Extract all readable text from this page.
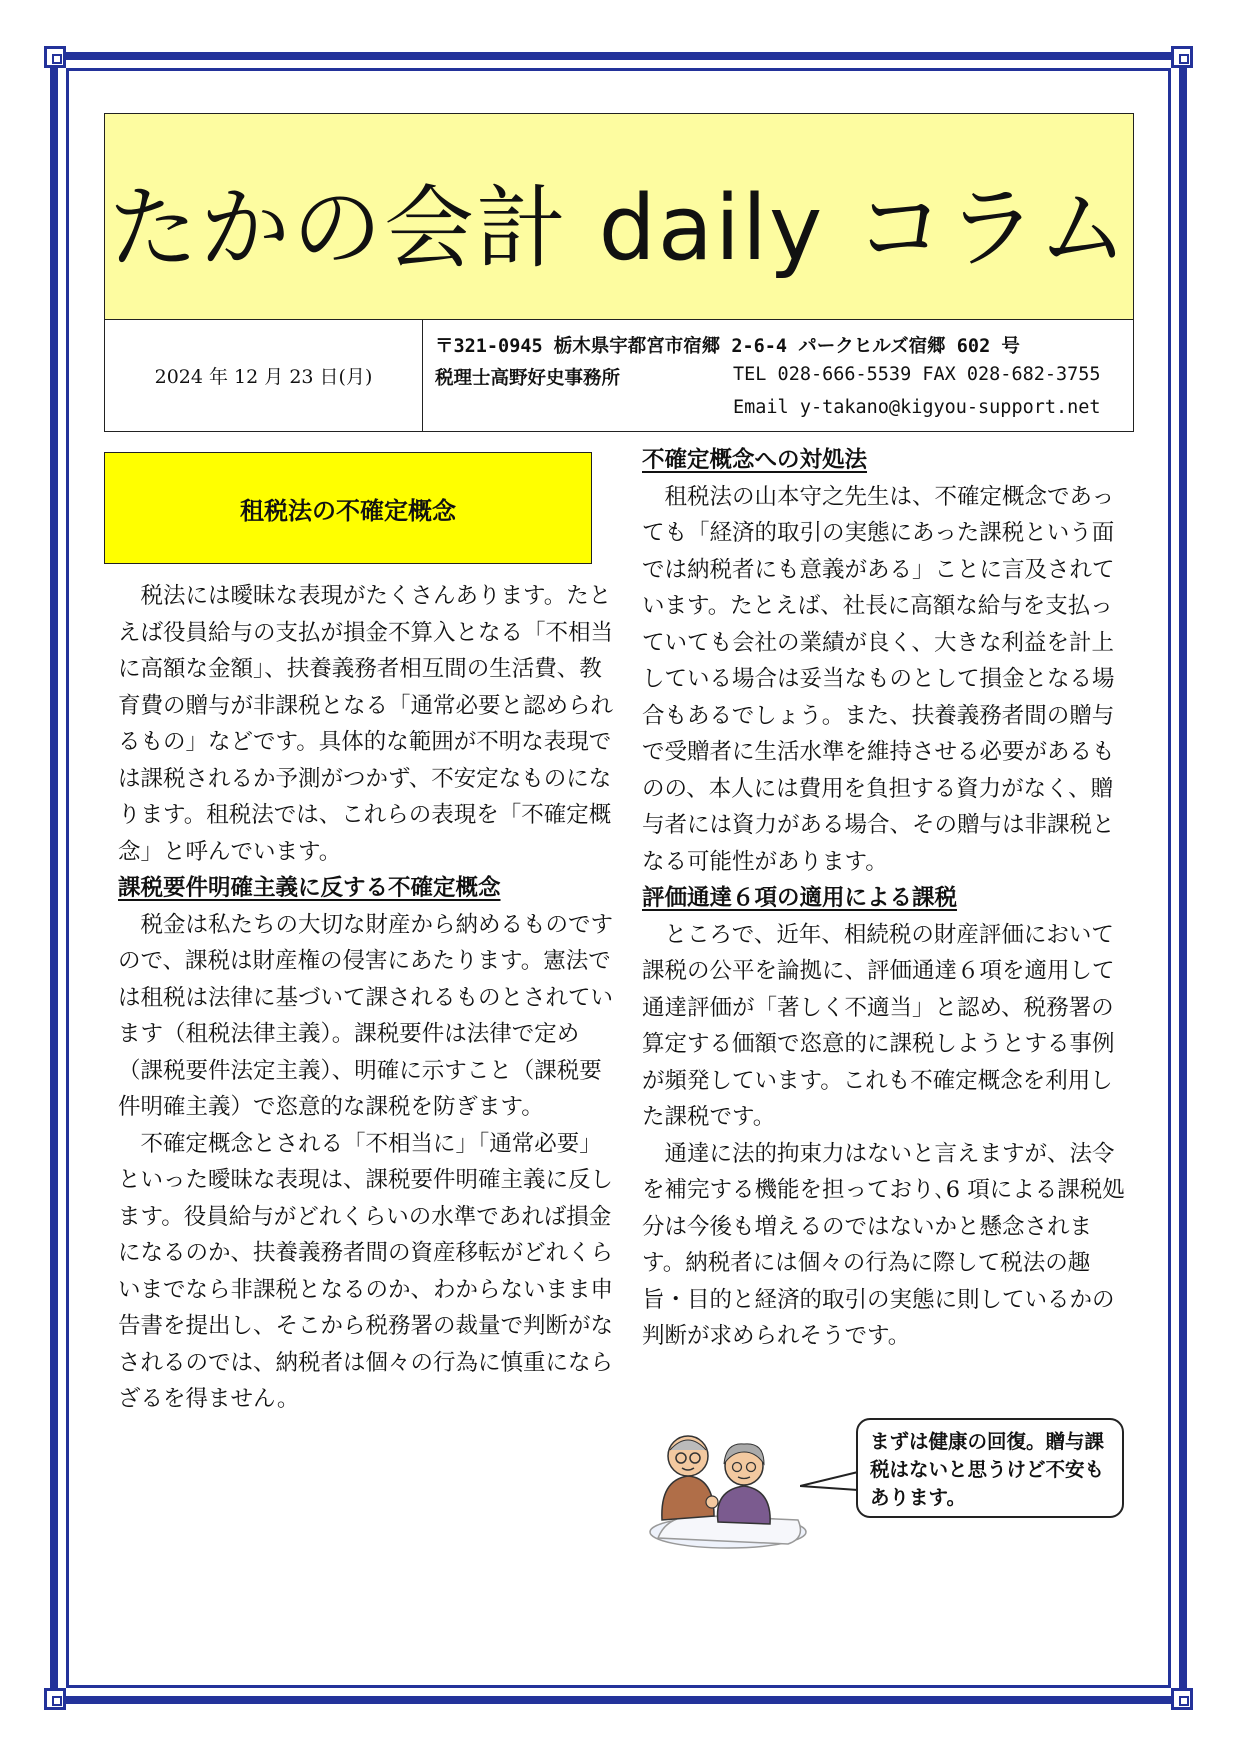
たかの会計 daily コラム
2024 年 12 月 23 日(月)
〒321-0945 栃木県宇都宮市宿郷 2-6-4 パークヒルズ宿郷 602 号
税理士高野好史事務所	TEL 028-666-5539 FAX 028-682-3755
Email y-takano@kigyou-support.net
租税法の不確定概念

税法には曖昧な表現がたくさんあります。たとえば役員給与の支払が損金不算入となる「不相当に高額な金額」、扶養義務者相互間の生活費、教育費の贈与が非課税となる「通常必要と認められるもの」などです。具体的な範囲が不明な表現では課税されるか予測がつかず、不安定なものになります。租税法では、これらの表現を「不確定概念」と呼んでいます。

課税要件明確主義に反する不確定概念

税金は私たちの大切な財産から納めるものですので、課税は財産権の侵害にあたります。憲法では租税は法律に基づいて課されるものとされています（租税法律主義）。課税要件は法律で定め（課税要件法定主義）、明確に示すこと（課税要件明確主義）で恣意的な課税を防ぎます。

不確定概念とされる「不相当に」「通常必要」といった曖昧な表現は、課税要件明確主義に反します。役員給与がどれくらいの水準であれば損金になるのか、扶養義務者間の資産移転がどれくらいまでなら非課税となるのか、わからないまま申告書を提出し、そこから税務署の裁量で判断がなされるのでは、納税者は個々の行為に慎重にならざるを得ません。

不確定概念への対処法

租税法の山本守之先生は、不確定概念であっても「経済的取引の実態にあった課税という面では納税者にも意義がある」ことに言及されています。たとえば、社長に高額な給与を支払っていても会社の業績が良く、大きな利益を計上している場合は妥当なものとして損金となる場合もあるでしょう。また、扶養義務者間の贈与で受贈者に生活水準を維持させる必要があるものの、本人には費用を負担する資力がなく、贈与者には資力がある場合、その贈与は非課税となる可能性があります。

評価通達６項の適用による課税

ところで、近年、相続税の財産評価において課税の公平を論拠に、評価通達６項を適用して通達評価が「著しく不適当」と認め、税務署の算定する価額で恣意的に課税しようとする事例が頻発しています。これも不確定概念を利用した課税です。

通達に法的拘束力はないと言えますが、法令を補完する機能を担っており､6 項による課税処分は今後も増えるのではないかと懸念されます。納税者には個々の行為に際して税法の趣旨・目的と経済的取引の実態に則しているかの判断が求められそうです。

まずは健康の回復。贈与課税はないと思うけど不安もあります。
